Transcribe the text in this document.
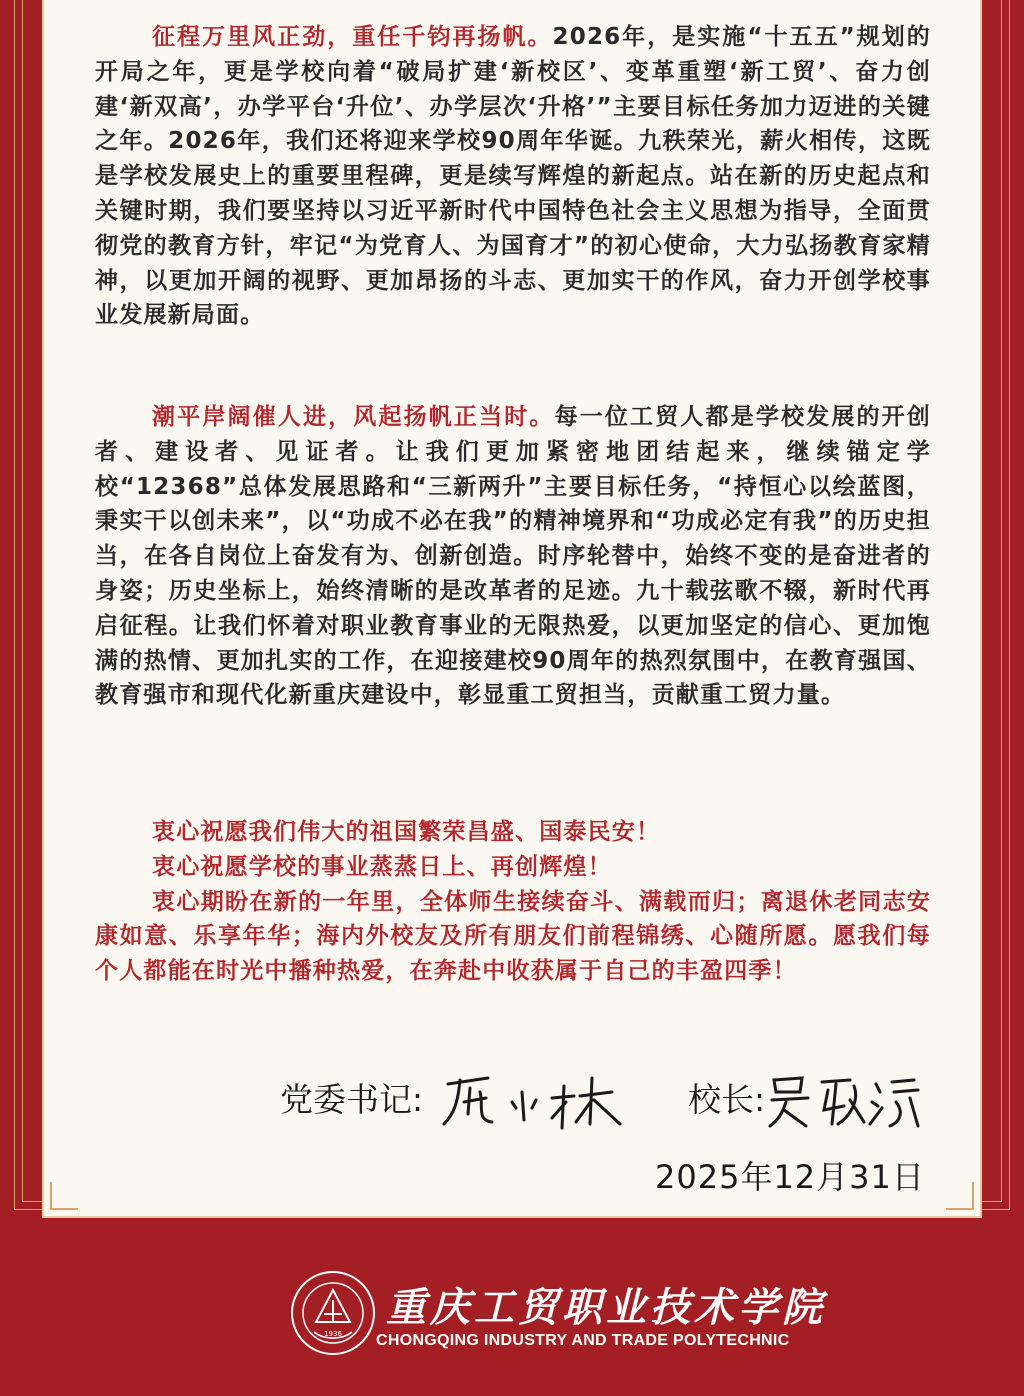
征程万里风正劲，重任千钧再扬帆。2026年，是实施“十五五”规划的开局之年，更是学校向着“破局扩建‘新校区’、变革重塑‘新工贸’、奋力创建‘新双高’，办学平台‘升位’、办学层次‘升格’”主要目标任务加力迈进的关键之年。2026年，我们还将迎来学校90周年华诞。九秩荣光，薪火相传，这既是学校发展史上的重要里程碑，更是续写辉煌的新起点。站在新的历史起点和关键时期，我们要坚持以习近平新时代中国特色社会主义思想为指导，全面贯彻党的教育方针，牢记“为党育人、为国育才”的初心使命，大力弘扬教育家精神，以更加开阔的视野、更加昂扬的斗志、更加实干的作风，奋力开创学校事业发展新局面。

潮平岸阔催人进，风起扬帆正当时。每一位工贸人都是学校发展的开创者、建设者、见证者。让我们更加紧密地团结起来，继续锚定学校“12368”总体发展思路和“三新两升”主要目标任务，“持恒心以绘蓝图，秉实干以创未来”，以“功成不必在我”的精神境界和“功成必定有我”的历史担当，在各自岗位上奋发有为、创新创造。时序轮替中，始终不变的是奋进者的身姿；历史坐标上，始终清晰的是改革者的足迹。九十载弦歌不辍，新时代再启征程。让我们怀着对职业教育事业的无限热爱，以更加坚定的信心、更加饱满的热情、更加扎实的工作，在迎接建校90周年的热烈氛围中，在教育强国、教育强市和现代化新重庆建设中，彰显重工贸担当，贡献重工贸力量。

衷心祝愿我们伟大的祖国繁荣昌盛、国泰民安！

衷心祝愿学校的事业蒸蒸日上、再创辉煌！

衷心期盼在新的一年里，全体师生接续奋斗、满载而归；离退休老同志安康如意、乐享年华；海内外校友及所有朋友们前程锦绣、心随所愿。愿我们每个人都能在时光中播种热爱，在奔赴中收获属于自己的丰盈四季！

党委书记:	校长:
2025年12月31日
1936
重庆工贸职业技术学院
CHONGQING INDUSTRY AND TRADE POLYTECHNIC
